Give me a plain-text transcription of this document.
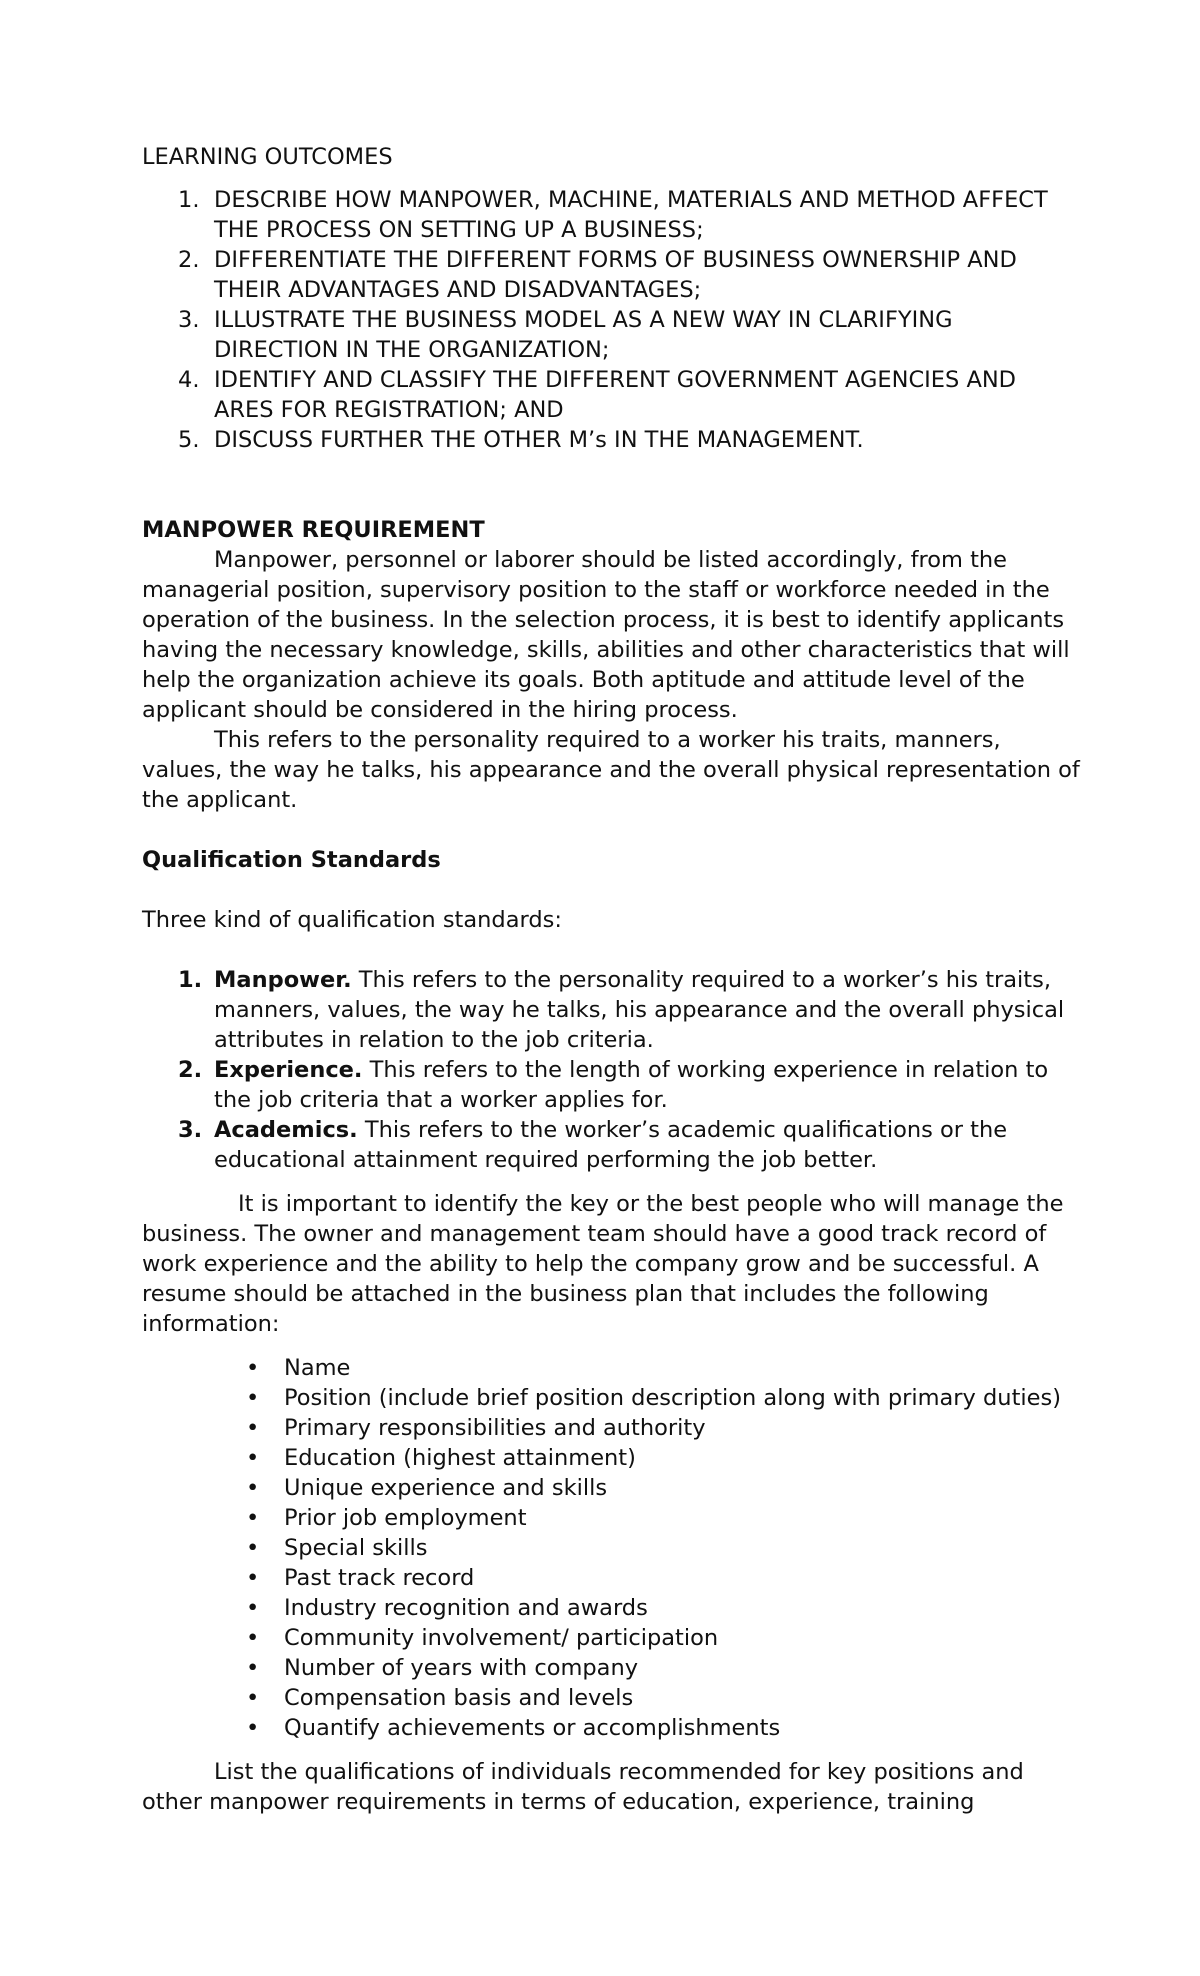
LEARNING OUTCOMES
1. DESCRIBE HOW MANPOWER, MACHINE, MATERIALS AND METHOD AFFECT THE PROCESS ON SETTING UP A BUSINESS;
2. DIFFERENTIATE THE DIFFERENT FORMS OF BUSINESS OWNERSHIP AND THEIR ADVANTAGES AND DISADVANTAGES;
3. ILLUSTRATE THE BUSINESS MODEL AS A NEW WAY IN CLARIFYING DIRECTION IN THE ORGANIZATION;
4. IDENTIFY AND CLASSIFY THE DIFFERENT GOVERNMENT AGENCIES AND ARES FOR REGISTRATION; AND
5. DISCUSS FURTHER THE OTHER M’s IN THE MANAGEMENT.
MANPOWER REQUIREMENT

Manpower, personnel or laborer should be listed accordingly, from the managerial position, supervisory position to the staff or workforce needed in the operation of the business. In the selection process, it is best to identify applicants having the necessary knowledge, skills, abilities and other characteristics that will help the organization achieve its goals. Both aptitude and attitude level of the applicant should be considered in the hiring process.

This refers to the personality required to a worker his traits, manners, values, the way he talks, his appearance and the overall physical representation of the applicant.

Qualification Standards

Three kind of qualification standards:

1. Manpower. This refers to the personality required to a worker’s his traits, manners, values, the way he talks, his appearance and the overall physical attributes in relation to the job criteria.
2. Experience. This refers to the length of working experience in relation to the job criteria that a worker applies for.
3. Academics. This refers to the worker’s academic qualifications or the educational attainment required performing the job better.

It is important to identify the key or the best people who will manage the business. The owner and management team should have a good track record of work experience and the ability to help the company grow and be successful. A resume should be attached in the business plan that includes the following information:

• Name
• Position (include brief position description along with primary duties)
• Primary responsibilities and authority
• Education (highest attainment)
• Unique experience and skills
• Prior job employment
• Special skills
• Past track record
• Industry recognition and awards
• Community involvement/ participation
• Number of years with company
• Compensation basis and levels
• Quantify achievements or accomplishments

List the qualifications of individuals recommended for key positions and other manpower requirements in terms of education, experience, training
